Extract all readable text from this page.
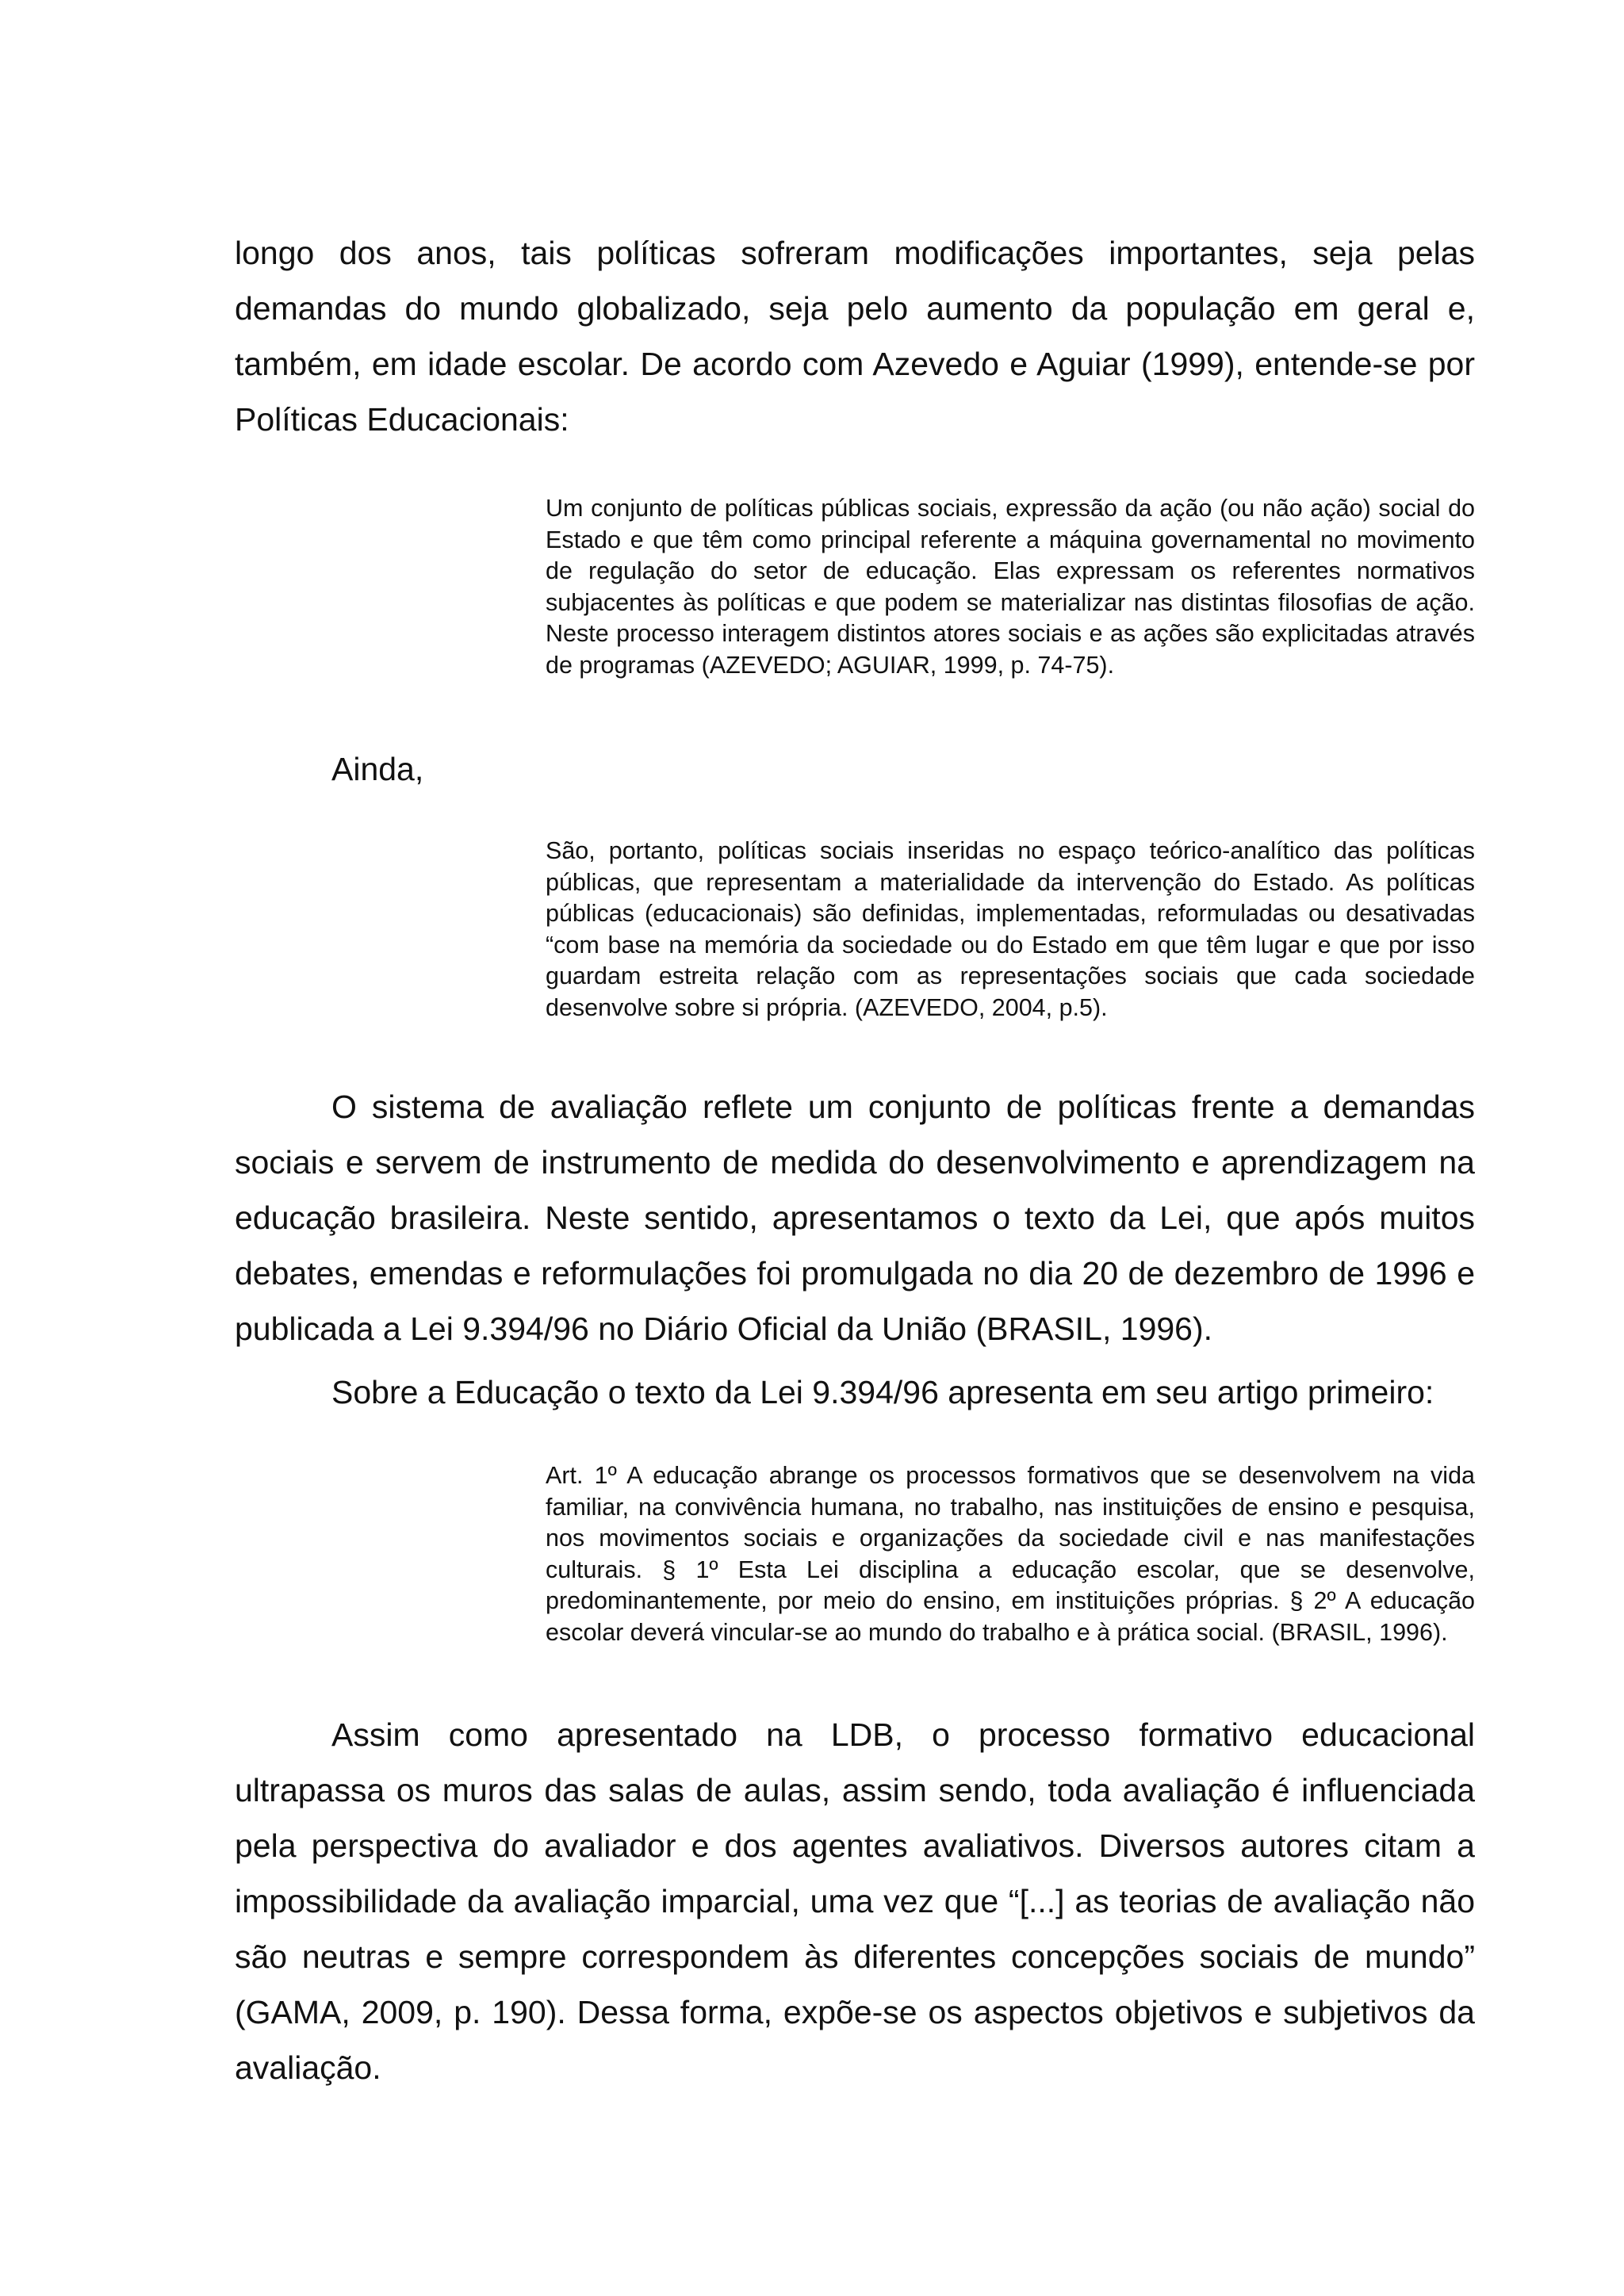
longo dos anos, tais políticas sofreram modificações importantes, seja pelas demandas do mundo globalizado, seja pelo aumento da população em geral e, também, em idade escolar. De acordo com Azevedo e Aguiar (1999), entende-se por Políticas Educacionais:

Um conjunto de políticas públicas sociais, expressão da ação (ou não ação) social do Estado e que têm como principal referente a máquina governamental no movimento de regulação do setor de educação. Elas expressam os referentes normativos subjacentes às políticas e que podem se materializar nas distintas filosofias de ação. Neste processo interagem distintos atores sociais e as ações são explicitadas através de programas (AZEVEDO; AGUIAR, 1999, p. 74-75).

Ainda,

São, portanto, políticas sociais inseridas no espaço teórico-analítico das políticas públicas, que representam a materialidade da intervenção do Estado. As políticas públicas (educacionais) são definidas, implementadas, reformuladas ou desativadas “com base na memória da sociedade ou do Estado em que têm lugar e que por isso guardam estreita relação com as representações sociais que cada sociedade desenvolve sobre si própria. (AZEVEDO, 2004, p.5).

O sistema de avaliação reflete um conjunto de políticas frente a demandas sociais e servem de instrumento de medida do desenvolvimento e aprendizagem na educação brasileira. Neste sentido, apresentamos o texto da Lei, que após muitos debates, emendas e reformulações foi promulgada no dia 20 de dezembro de 1996 e publicada a Lei 9.394/96 no Diário Oficial da União (BRASIL, 1996).

Sobre a Educação o texto da Lei 9.394/96 apresenta em seu artigo primeiro:

Art. 1º A educação abrange os processos formativos que se desenvolvem na vida familiar, na convivência humana, no trabalho, nas instituições de ensino e pesquisa, nos movimentos sociais e organizações da sociedade civil e nas manifestações culturais. § 1º Esta Lei disciplina a educação escolar, que se desenvolve, predominantemente, por meio do ensino, em instituições próprias. § 2º A educação escolar deverá vincular-se ao mundo do trabalho e à prática social. (BRASIL, 1996).

Assim como apresentado na LDB, o processo formativo educacional ultrapassa os muros das salas de aulas, assim sendo, toda avaliação é influenciada pela perspectiva do avaliador e dos agentes avaliativos. Diversos autores citam a impossibilidade da avaliação imparcial, uma vez que “[...] as teorias de avaliação não são neutras e sempre correspondem às diferentes concepções sociais de mundo” (GAMA, 2009, p. 190). Dessa forma, expõe-se os aspectos objetivos e subjetivos da avaliação.
